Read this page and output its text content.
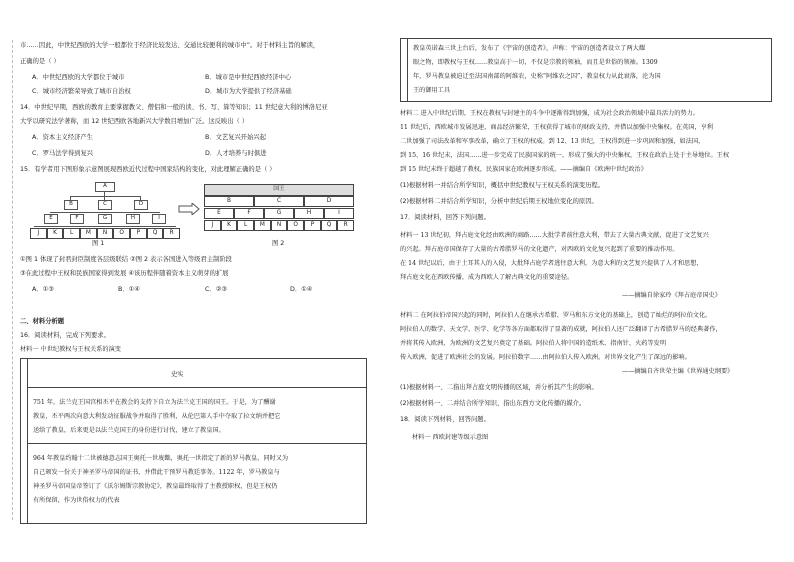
市……因此，中世纪西欧的大学一般都位于经济比较发达、交通比较便利的城市中”。对于材料主旨的解读，
正确的是（ ）
A．中世纪西欧的大学都位于城市	B．城市是中世纪西欧经济中心
C．城市经济繁荣导致了城市自治权	D．城市为大学提供了经济基础
14．中世纪早期，西欧的教育主要掌握教父、僧侣和一般的读、书、写、算等知识；11 世纪意大利的博洛尼亚
大学以研究法学著称，而 12 世纪西欧各地新兴大学数目增加广泛。这反映出（ ）
A．资本主义经济产生	B．文艺复兴开始兴起
C．罗马法学得到复兴	D．人才培养与时俱进
15．有学者用下图形象示意图展现西欧近代过程中国家结构的变化，对此理解正确的是（ ）
A
B	C	D
E	F	G	H	I
J	K	L	M	N	O	P	Q	R
图 1
国王
B	C	D
E	F	G	H	I
J	K	L	M	N	O	P	Q	R
图 2
①图 1 体现了封君封臣制度各层级联结 ②图 2 表示各国进入等级君主制阶段
③在此过程中王权和民族国家得到发展 ④该历程伴随着资本主义萌芽的扩展
A．①③	B．①④	C．②③	D．①④
二、材料分析题
16．阅读材料，完成下列要求。
材料一 中世纪教权与王权关系的演变
史实
751 年，法兰克王国宫相丕平在教会的支持下自立为法兰克王国的国王。于是，为了酬谢
教皇，丕平两次向意大利发动征服战争并取得了胜利，从伦巴第人手中夺取了拉文纳并把它
送给了教皇，后来更是以法兰克国王的身份进行讨伐，建立了教皇国。
964 年教皇约翰十二世被德意志国王奥托一世废黜，奥托一世指定了新的罗马教皇，同时又为
自己颁发一份关于神圣罗马帝国的证书，并借此干预罗马教廷事务。1122 年，罗马教皇与
神圣罗马帝国皇帝签订了《沃尔姆斯宗教协定》，教皇最终取得了主教授职权，但是王权仍
有所保留，作为世俗权力的代表
教皇英诺森三世上台后，发布了《宇宙的创造者》，声称：宇宙的创造者设立了两大耀
眼之物，即教权与王权……教皇高于一切，不仅是宗教的领袖，而且是世俗的领袖。1309
年，罗马教皇被迫迁至法国南部的阿维农，史称“阿维农之囚”，教皇权力从此衰落，沦为国
王的御用工具
材料二 进入中世纪后期，王权在教权与封建主的斗争中逐渐得到加强，成为社会政治领域中最具活力的势力。
11 世纪后，西欧城市发展迅速，商品经济繁荣，王权获得了城市的财政支持，并借以加强中央集权。在英国，亨利
二世加强了司法改革和军事改革，确立了王权的权威。到 12、13 世纪，王权得到进一步巩固和加强，如法国，
到 15、16 世纪末，法国……进一步完成了民族国家的统一，形成了强大的中央集权，王权在政治上处于主导地位。王权
到 15 世纪末终于超越了教权，民族国家在欧洲逐步形成。——摘编自《欧洲中世纪政治》
(1)根据材料一并结合所学知识，概括中世纪教权与王权关系的演变历程。
(2)根据材料二并结合所学知识，分析中世纪后期王权地位变化的原因。
17．阅读材料，回答下列问题。
材料一 13 世纪初，拜占庭文化经由欧洲的商路……大批学者前往意大利，带去了大量古典文献，促进了文艺复兴
的兴起。拜占庭帝国保存了大量的古希腊罗马的文化遗产，对西欧的文化复兴起到了重要的推动作用。
在 14 世纪以后，由于土耳其人的入侵，大批拜占庭学者逃往意大利，为意大利的文艺复兴提供了人才和思想，
拜占庭文化在西欧传播，成为西欧人了解古典文化的重要途径。
——摘编自徐家玲《拜占庭帝国史》
材料二 在阿拉伯帝国兴起的同时，阿拉伯人在继承古希腊、罗马和东方文化的基础上，创造了灿烂的阿拉伯文化。
阿拉伯人的数学、天文学、医学、化学等各方面都取得了显著的成就，阿拉伯人还广泛翻译了古希腊罗马的经典著作，
并将其传入欧洲，为欧洲的文艺复兴奠定了基础。阿拉伯人将中国的造纸术、指南针、火药等发明
传入欧洲，促进了欧洲社会的发展。阿拉伯数字……由阿拉伯人传入欧洲，对世界文化产生了深远的影响。
——摘编自齐世荣主编《世界通史纲要》
(1)根据材料一、二指出拜占庭文明传播的区域，并分析其产生的影响。
(2)根据材料一、二并结合所学知识，指出东西方文化传播的媒介。
18．阅读下列材料，回答问题。
材料一 西欧封建等级示意图
